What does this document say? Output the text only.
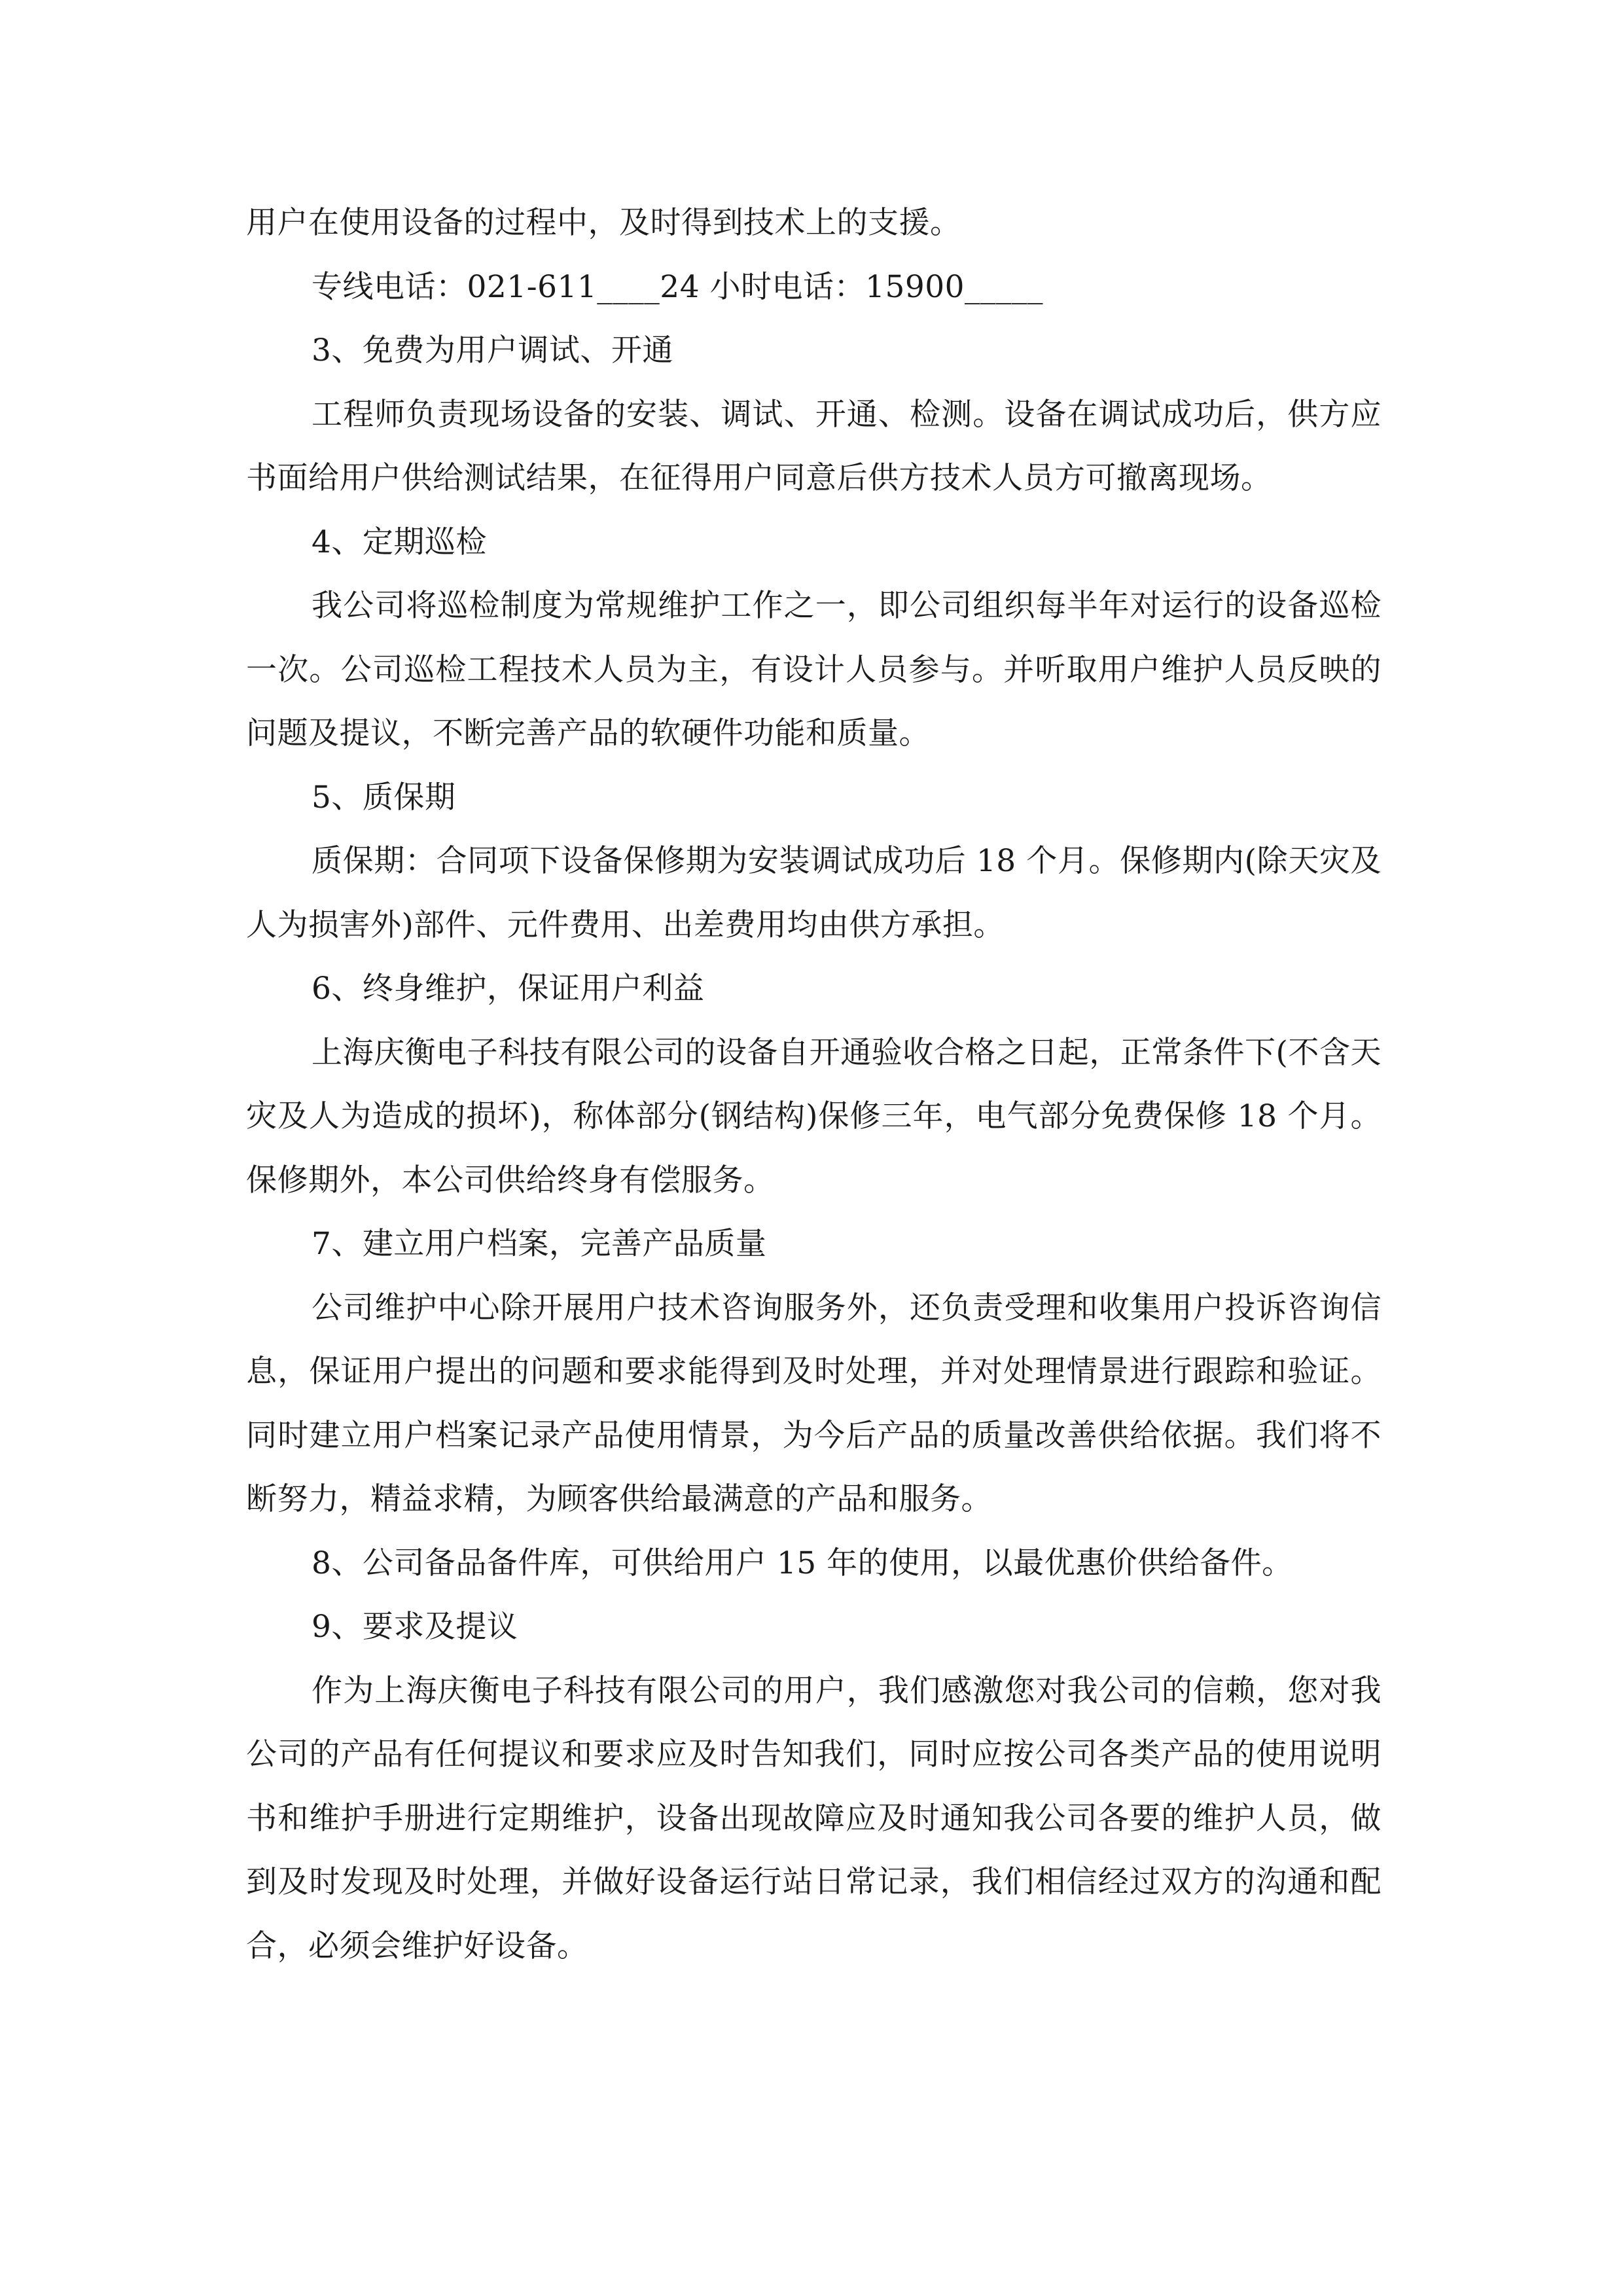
用户在使用设备的过程中，及时得到技术上的支援。

专线电话：021-611____24 小时电话：15900_____

3、免费为用户调试、开通

工程师负责现场设备的安装、调试、开通、检测。设备在调试成功后，供方应书面给用户供给测试结果，在征得用户同意后供方技术人员方可撤离现场。

4、定期巡检

我公司将巡检制度为常规维护工作之一，即公司组织每半年对运行的设备巡检一次。公司巡检工程技术人员为主，有设计人员参与。并听取用户维护人员反映的问题及提议，不断完善产品的软硬件功能和质量。

5、质保期

质保期：合同项下设备保修期为安装调试成功后 18 个月。保修期内(除天灾及人为损害外)部件、元件费用、出差费用均由供方承担。

6、终身维护，保证用户利益

上海庆衡电子科技有限公司的设备自开通验收合格之日起，正常条件下(不含天灾及人为造成的损坏)，称体部分(钢结构)保修三年，电气部分免费保修 18 个月。保修期外，本公司供给终身有偿服务。

7、建立用户档案，完善产品质量

公司维护中心除开展用户技术咨询服务外，还负责受理和收集用户投诉咨询信息，保证用户提出的问题和要求能得到及时处理，并对处理情景进行跟踪和验证。同时建立用户档案记录产品使用情景，为今后产品的质量改善供给依据。我们将不断努力，精益求精，为顾客供给最满意的产品和服务。

8、公司备品备件库，可供给用户 15 年的使用，以最优惠价供给备件。

9、要求及提议

作为上海庆衡电子科技有限公司的用户，我们感激您对我公司的信赖，您对我公司的产品有任何提议和要求应及时告知我们，同时应按公司各类产品的使用说明书和维护手册进行定期维护，设备出现故障应及时通知我公司各要的维护人员，做到及时发现及时处理，并做好设备运行站日常记录，我们相信经过双方的沟通和配合，必须会维护好设备。
